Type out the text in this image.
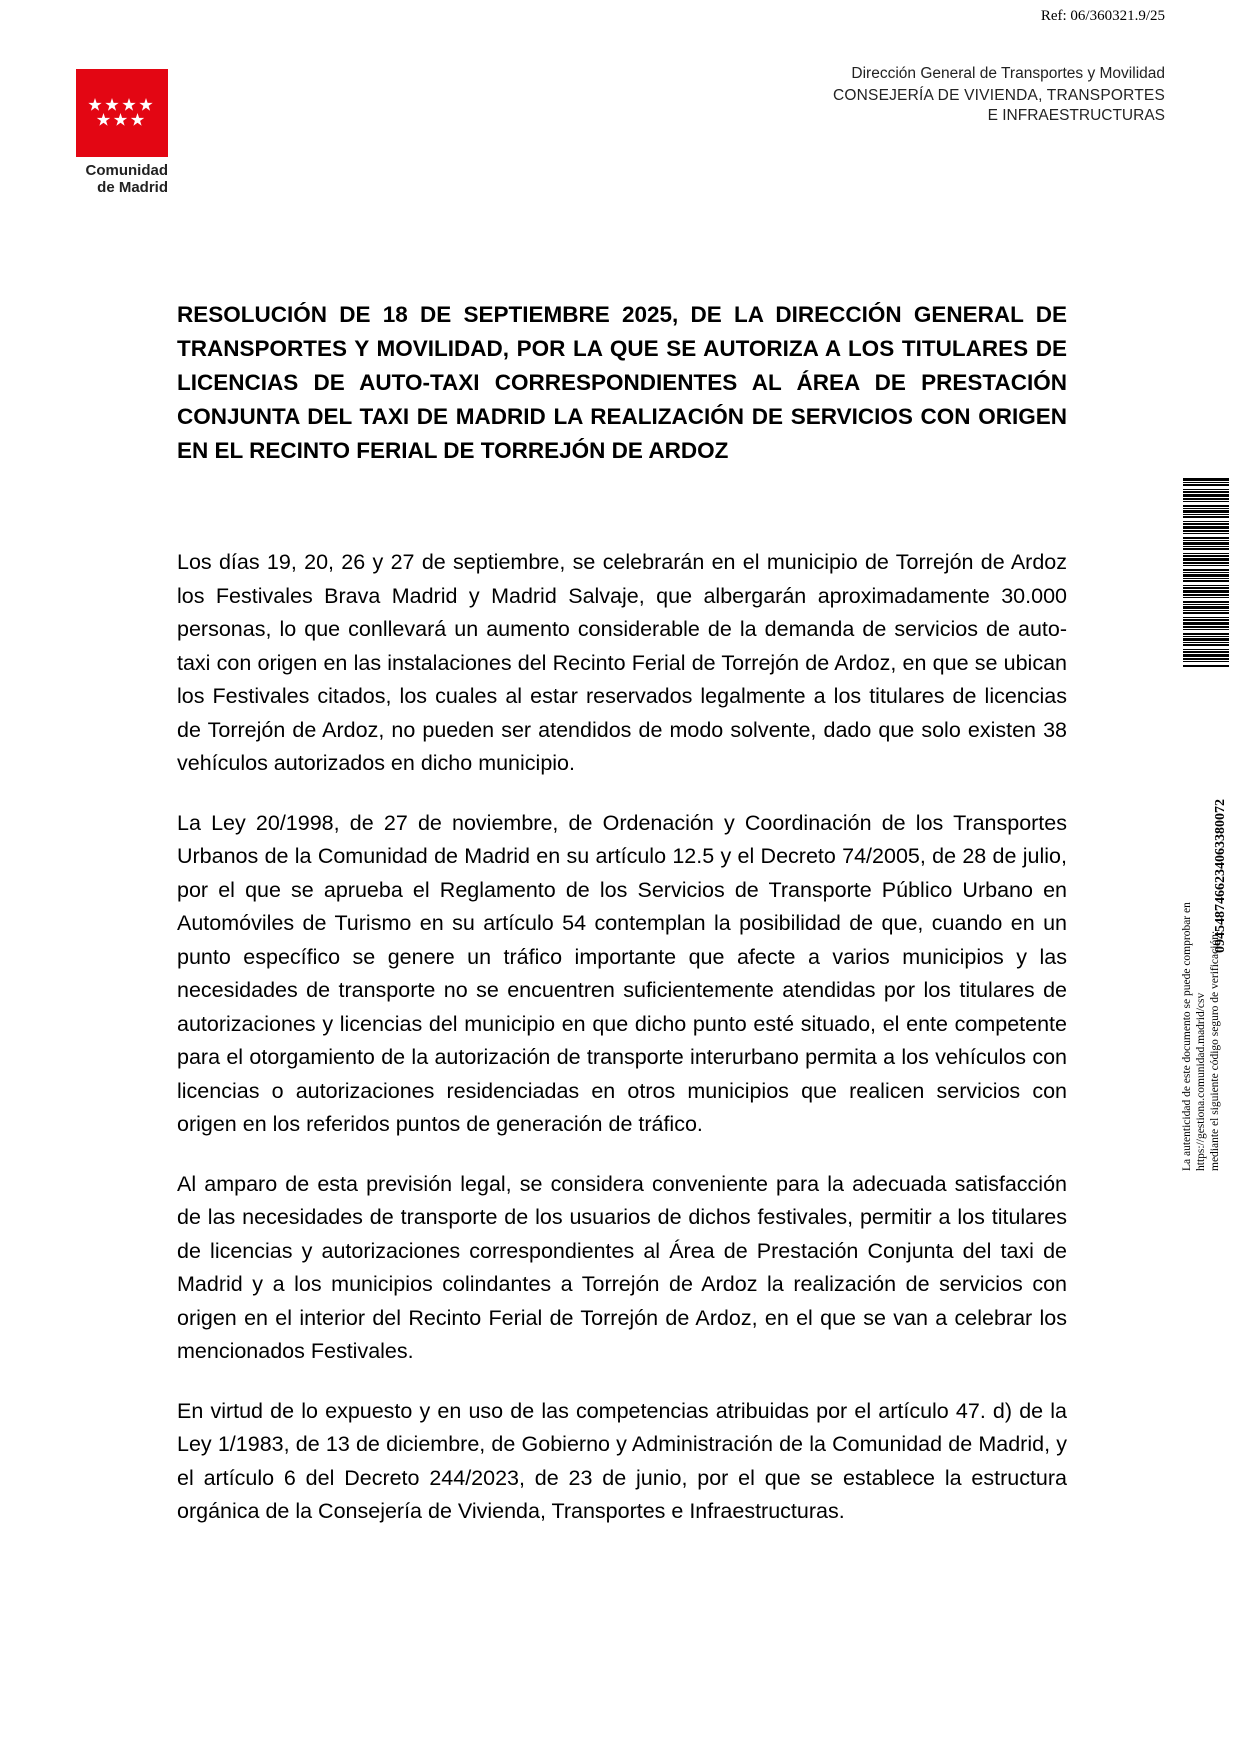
Ref: 06/360321.9/25
Comunidad
de Madrid
Dirección General de Transportes y Movilidad
CONSEJERÍA DE VIVIENDA, TRANSPORTES
E INFRAESTRUCTURAS
RESOLUCIÓN DE 18 DE SEPTIEMBRE 2025, DE LA DIRECCIÓN GENERAL DE TRANSPORTES Y MOVILIDAD, POR LA QUE SE AUTORIZA A LOS TITULARES DE LICENCIAS DE AUTO-TAXI CORRESPONDIENTES AL ÁREA DE PRESTACIÓN CONJUNTA DEL TAXI DE MADRID LA REALIZACIÓN DE SERVICIOS CON ORIGEN EN EL RECINTO FERIAL DE TORREJÓN DE ARDOZ

Los días 19, 20, 26 y 27 de septiembre, se celebrarán en el municipio de Torrejón de Ardoz los Festivales Brava Madrid y Madrid Salvaje, que albergarán aproximadamente 30.000 personas, lo que conllevará un aumento considerable de la demanda de servicios de auto-taxi con origen en las instalaciones del Recinto Ferial de Torrejón de Ardoz, en que se ubican los Festivales citados, los cuales al estar reservados legalmente a los titulares de licencias de Torrejón de Ardoz, no pueden ser atendidos de modo solvente, dado que solo existen 38 vehículos autorizados en dicho municipio.

La Ley 20/1998, de 27 de noviembre, de Ordenación y Coordinación de los Transportes Urbanos de la Comunidad de Madrid en su artículo 12.5 y el Decreto 74/2005, de 28 de julio, por el que se aprueba el Reglamento de los Servicios de Transporte Público Urbano en Automóviles de Turismo en su artículo 54 contemplan la posibilidad de que, cuando en un punto específico se genere un tráfico importante que afecte a varios municipios y las necesidades de transporte no se encuentren suficientemente atendidas por los titulares de autorizaciones y licencias del municipio en que dicho punto esté situado, el ente competente para el otorgamiento de la autorización de transporte interurbano permita a los vehículos con licencias o autorizaciones residenciadas en otros municipios que realicen servicios con origen en los referidos puntos de generación de tráfico.

Al amparo de esta previsión legal, se considera conveniente para la adecuada satisfacción de las necesidades de transporte de los usuarios de dichos festivales, permitir a los titulares de licencias y autorizaciones correspondientes al Área de Prestación Conjunta del taxi de Madrid y a los municipios colindantes a Torrejón de Ardoz la realización de servicios con origen en el interior del Recinto Ferial de Torrejón de Ardoz, en el que se van a celebrar los mencionados Festivales.

En virtud de lo expuesto y en uso de las competencias atribuidas por el artículo 47. d) de la Ley 1/1983, de 13 de diciembre, de Gobierno y Administración de la Comunidad de Madrid, y el artículo 6 del Decreto 244/2023, de 23 de junio, por el que se establece la estructura orgánica de la Consejería de Vivienda, Transportes e Infraestructuras.

0945487466234063380072
La autenticidad de este documento se puede comprobar en https://gestiona.comunidad.madrid/csv mediante el siguiente código seguro de verificación:
